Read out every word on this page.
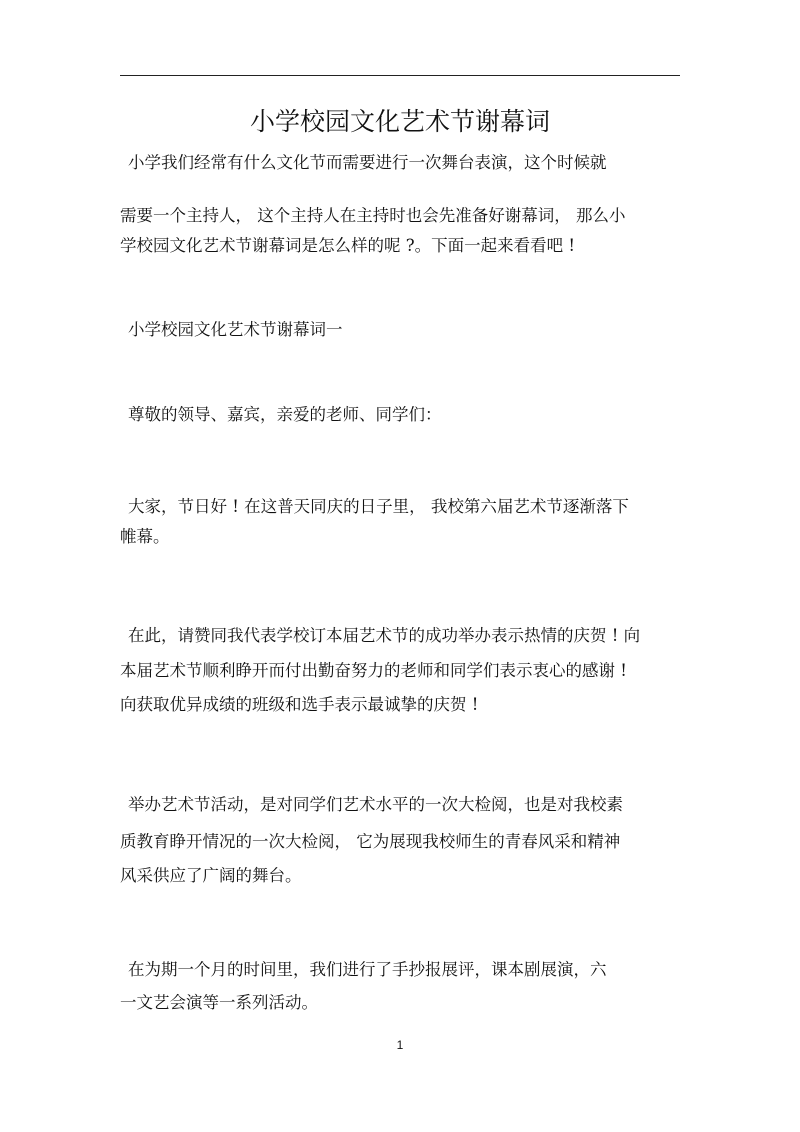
小学校园文化艺术节谢幕词
小学我们经常有什么文化节而需要进行一次舞台表演，这个时候就
需要一个主持人， 这个主持人在主持时也会先准备好谢幕词， 那么小
学校园文化艺术节谢幕词是怎么样的呢 ?。下面一起来看看吧 !
小学校园文化艺术节谢幕词一
尊敬的领导、嘉宾，亲爱的老师、同学们：
大家，节日好 ! 在这普天同庆的日子里， 我校第六届艺术节逐渐落下
帷幕。
在此，请赞同我代表学校订本届艺术节的成功举办表示热情的庆贺 ! 向
本届艺术节顺利睁开而付出勤奋努力的老师和同学们表示衷心的感谢 !
向获取优异成绩的班级和选手表示最诚挚的庆贺 !
举办艺术节活动，是对同学们艺术水平的一次大检阅，也是对我校素
质教育睁开情况的一次大检阅， 它为展现我校师生的青春风采和精神
风采供应了广阔的舞台。
在为期一个月的时间里，我们进行了手抄报展评，课本剧展演，六
一文艺会演等一系列活动。
1
